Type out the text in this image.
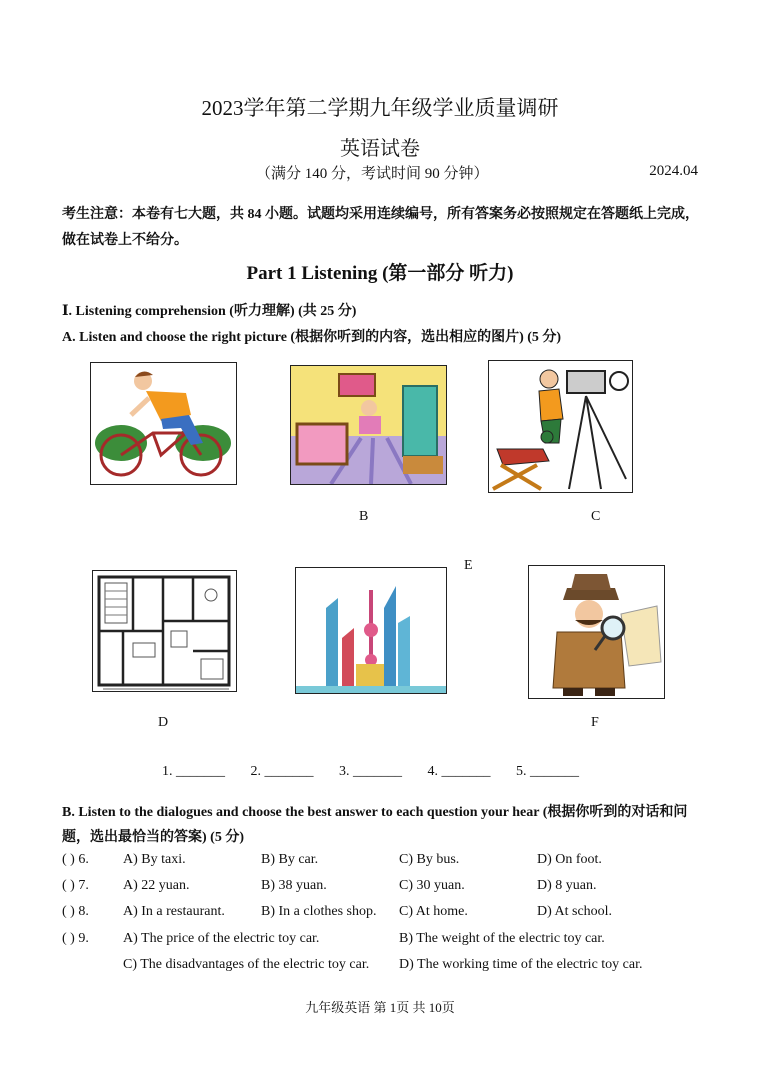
2023学年第二学期九年级学业质量调研
英语试卷
（满分 140 分，考试时间 90 分钟）	2024.04
考生注意：本卷有七大题，共 84 小题。试题均采用连续编号，所有答案务必按照规定在答题纸上完成，做在试卷上不给分。
Part 1 Listening (第一部分 听力)
Ⅰ. Listening comprehension (听力理解) (共 25 分)
A. Listen and choose the right picture (根据你听到的内容，选出相应的图片) (5 分)
B	C
E
D	F
1. _______ 2. _______ 3. _______ 4. _______ 5. _______
B. Listen to the dialogues and choose the best answer to each question your hear (根据你听到的对话和问题，选出最恰当的答案) (5 分)
( ) 6. A) By taxi.	B) By car.	C) By bus.	D) On foot.
( ) 7. A) 22 yuan.	B) 38 yuan.	C) 30 yuan.	D) 8 yuan.
( ) 8. A) In a restaurant.	B) In a clothes shop. C) At home.	D) At school.
( ) 9. A) The price of the electric toy car.	B) The weight of the electric toy car.
C) The disadvantages of the electric toy car. D) The working time of the electric toy car.
九年级英语 第 1页 共 10页
